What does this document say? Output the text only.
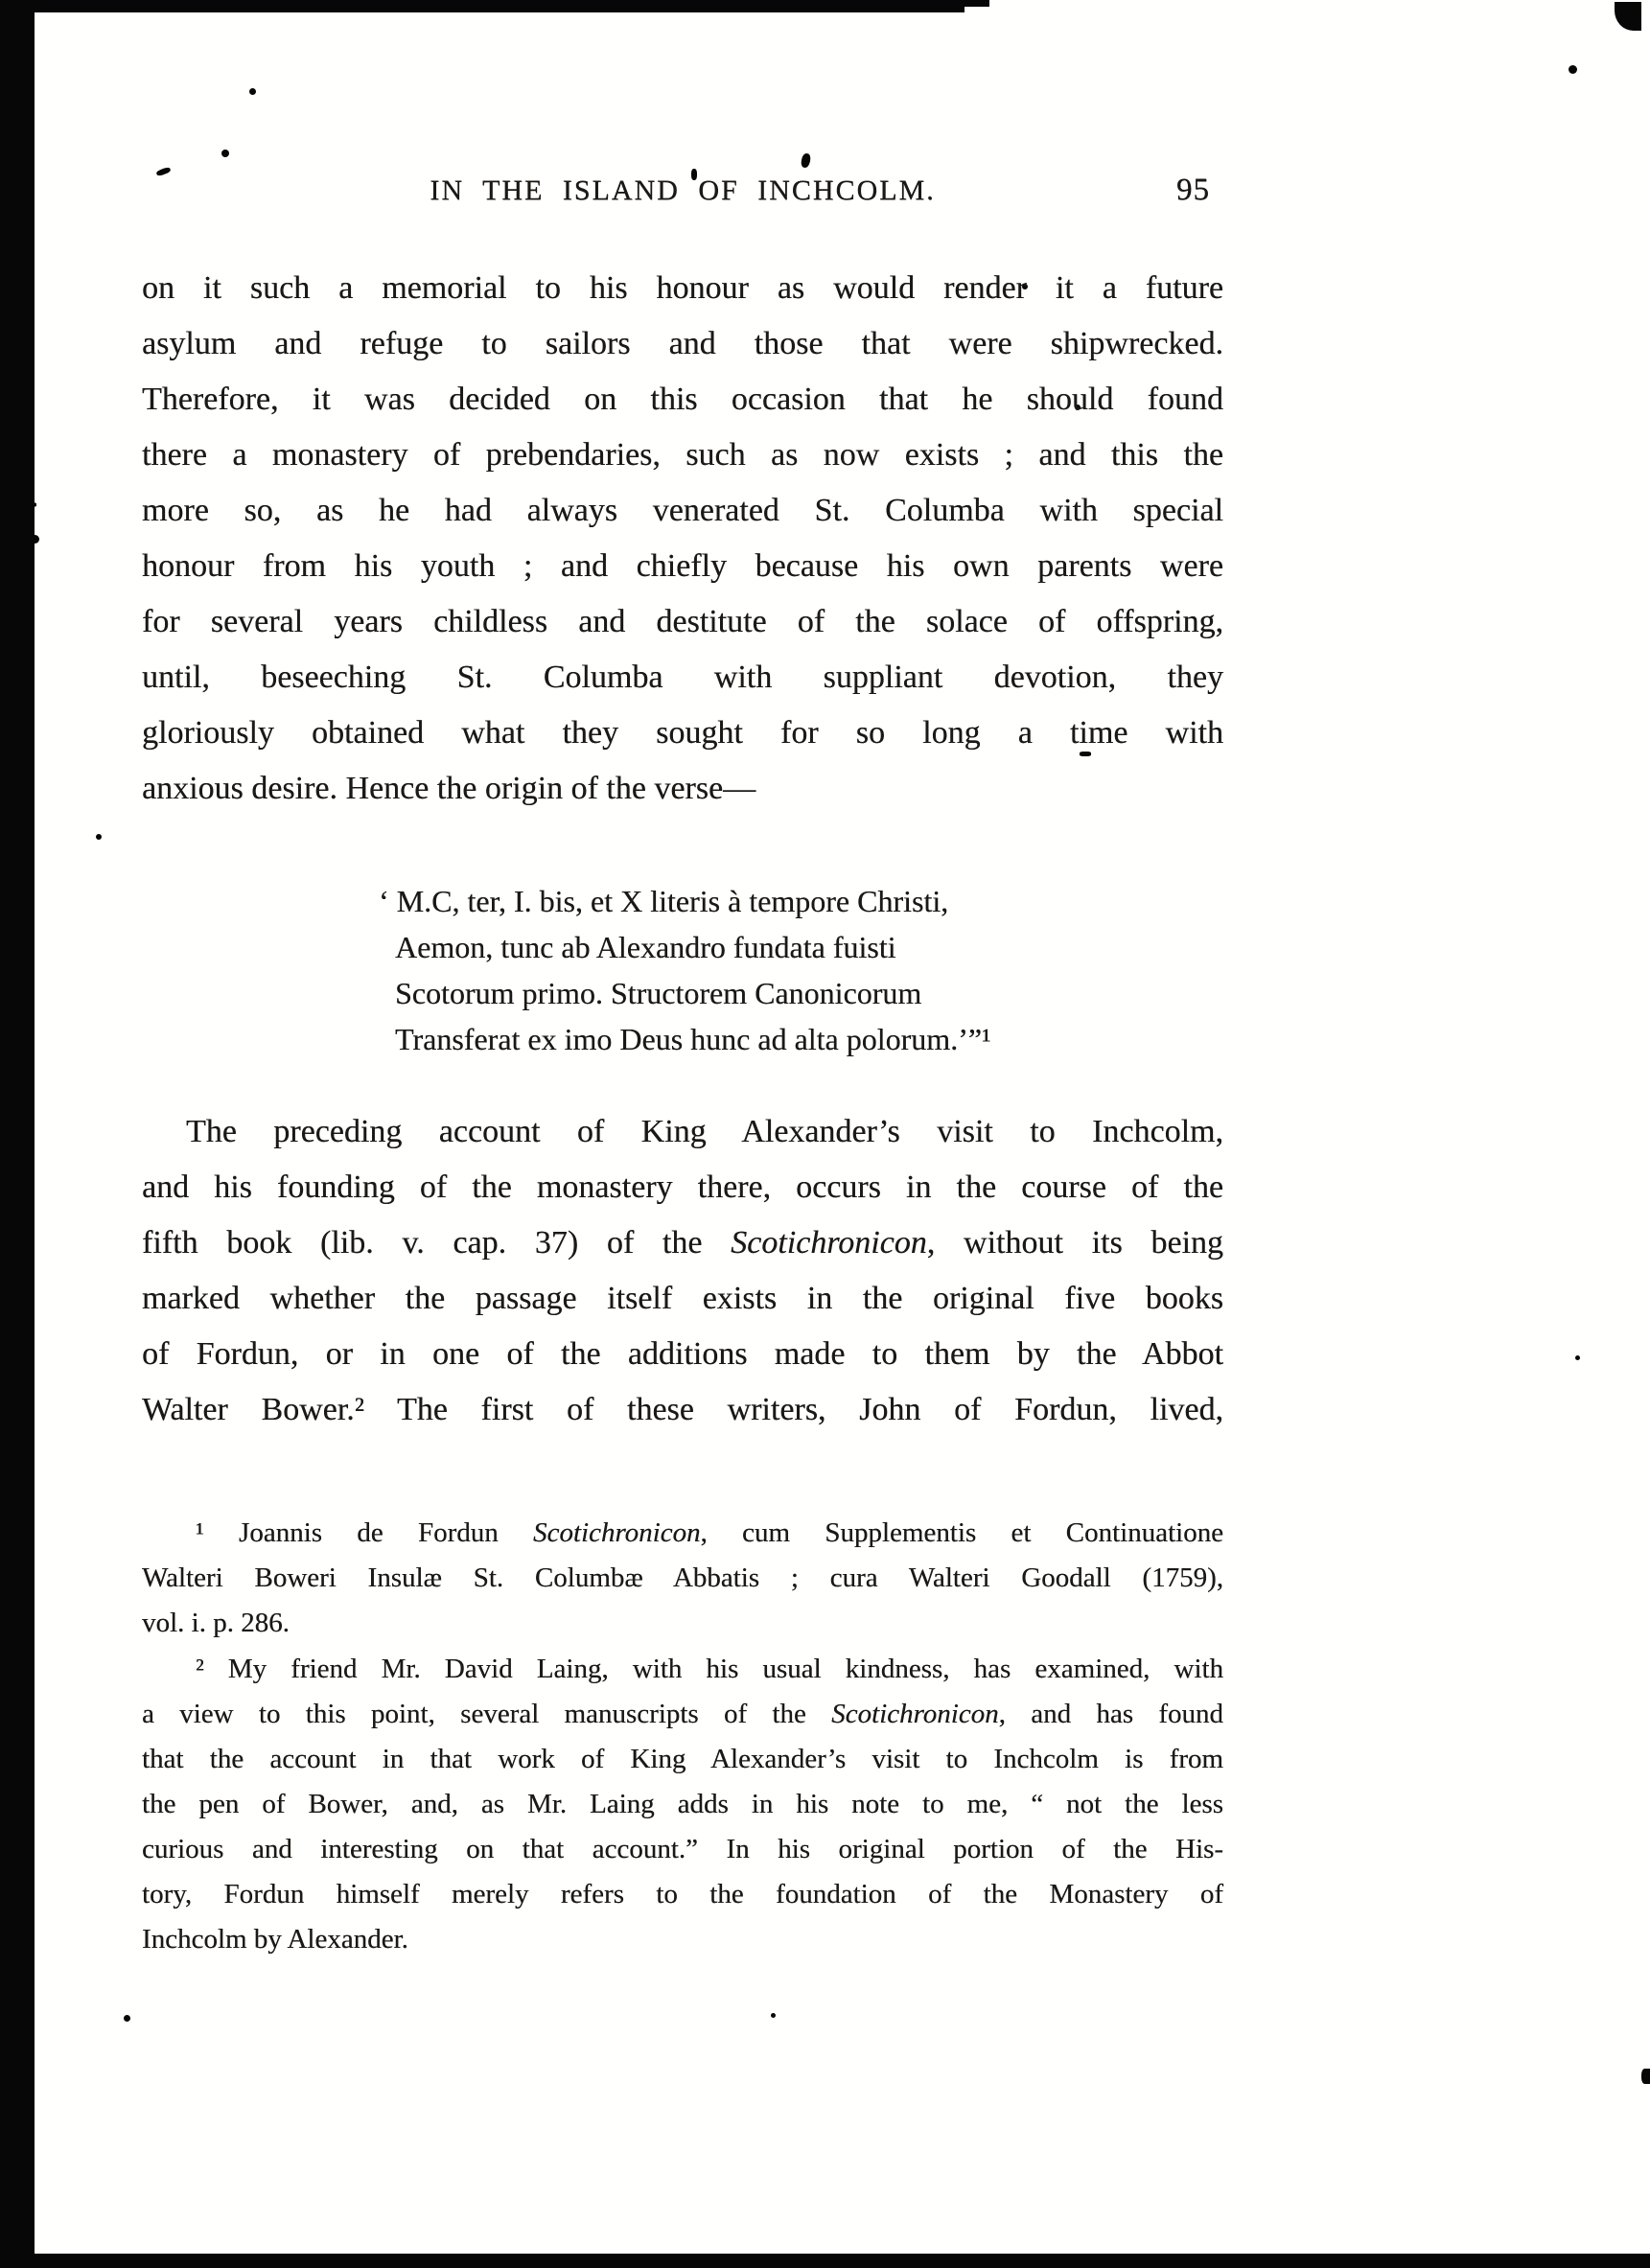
IN THE ISLAND OF INCHCOLM.	95
on it such a memorial to his honour as would render it a future
asylum and refuge to sailors and those that were shipwrecked.
Therefore, it was decided on this occasion that he should found
there a monastery of prebendaries, such as now exists ; and this the
more so, as he had always venerated St. Columba with special
honour from his youth ; and chiefly because his own parents were
for several years childless and destitute of the solace of offspring,
until, beseeching St. Columba with suppliant devotion, they
gloriously obtained what they sought for so long a time with
anxious desire. Hence the origin of the verse—
‘ M.C, ter, I. bis, et X literis à tempore Christi,
Aemon, tunc ab Alexandro fundata fuisti
Scotorum primo. Structorem Canonicorum
Transferat ex imo Deus hunc ad alta polorum.’”¹
The preceding account of King Alexander’s visit to Inchcolm,
and his founding of the monastery there, occurs in the course of the
fifth book (lib. v. cap. 37) of the Scotichronicon, without its being
marked whether the passage itself exists in the original five books
of Fordun, or in one of the additions made to them by the Abbot
Walter Bower.² The first of these writers, John of Fordun, lived,
¹ Joannis de Fordun Scotichronicon, cum Supplementis et Continuatione
Walteri Boweri Insulæ St. Columbæ Abbatis ; cura Walteri Goodall (1759),
vol. i. p. 286.
² My friend Mr. David Laing, with his usual kindness, has examined, with
a view to this point, several manuscripts of the Scotichronicon, and has found
that the account in that work of King Alexander’s visit to Inchcolm is from
the pen of Bower, and, as Mr. Laing adds in his note to me, “ not the less
curious and interesting on that account.” In his original portion of the His-
tory, Fordun himself merely refers to the foundation of the Monastery of
Inchcolm by Alexander.
